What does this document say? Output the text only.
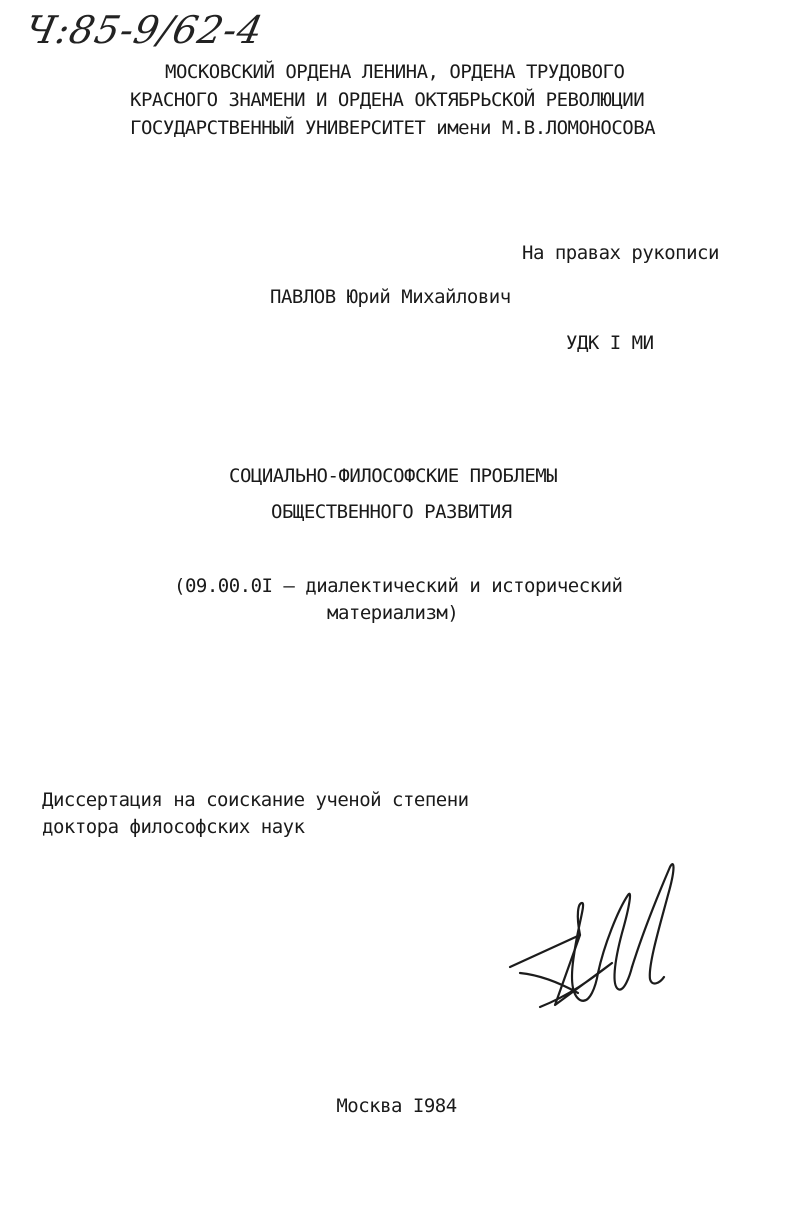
Ч:85-9/62-4
МОСКОВСКИЙ ОРДЕНА ЛЕНИНА, ОРДЕНА ТРУДОВОГО
КРАСНОГО ЗНАМЕНИ И ОРДЕНА ОКТЯБРЬСКОЙ РЕВОЛЮЦИИ
ГОСУДАРСТВЕННЫЙ УНИВЕРСИТЕТ имени М.В.ЛОМОНОСОВА
На правах рукописи
ПАВЛОВ Юрий Михайлович
УДК I МИ
СОЦИАЛЬНО-ФИЛОСОФСКИЕ ПРОБЛЕМЫ
ОБЩЕСТВЕННОГО РАЗВИТИЯ
(09.00.0I – диалектический и исторический
материализм)
Диссертация на соискание ученой степени
доктора философских наук
Москва I984
